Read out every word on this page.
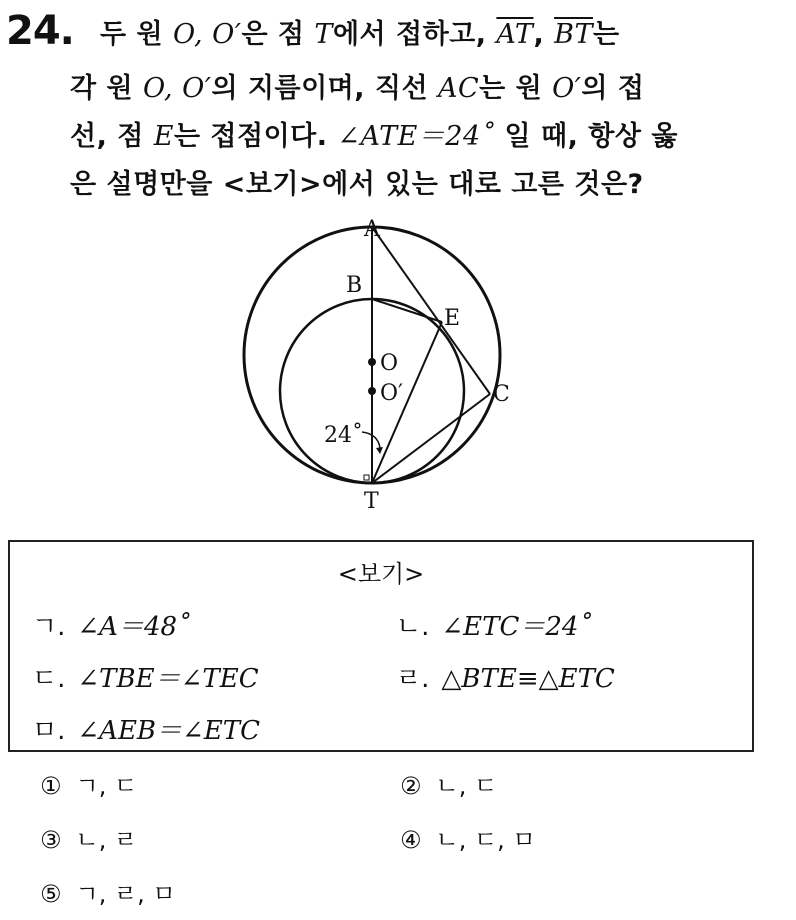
24. 두 원 O, O′은 점 T에서 접하고, $\overline{AT}$, $\overline{BT}$는
각 원 O, O′의 지름이며, 직선 AC는 원 O′의 접
선, 점 E는 접점이다. ∠ATE＝24˚ 일 때, 항상 옳
은 설명만을 <보기>에서 있는 대로 고른 것은?
A
B
E
O
O′	C
T
24˚
<보기>
ㄱ. ∠A＝48˚	ㄴ. ∠ETC＝24˚
ㄷ. ∠TBE＝∠TEC	ㄹ. △BTE≡△ETC
ㅁ. ∠AEB＝∠ETC
① ㄱ, ㄷ	② ㄴ, ㄷ
③ ㄴ, ㄹ	④ ㄴ, ㄷ, ㅁ
⑤ ㄱ, ㄹ, ㅁ
